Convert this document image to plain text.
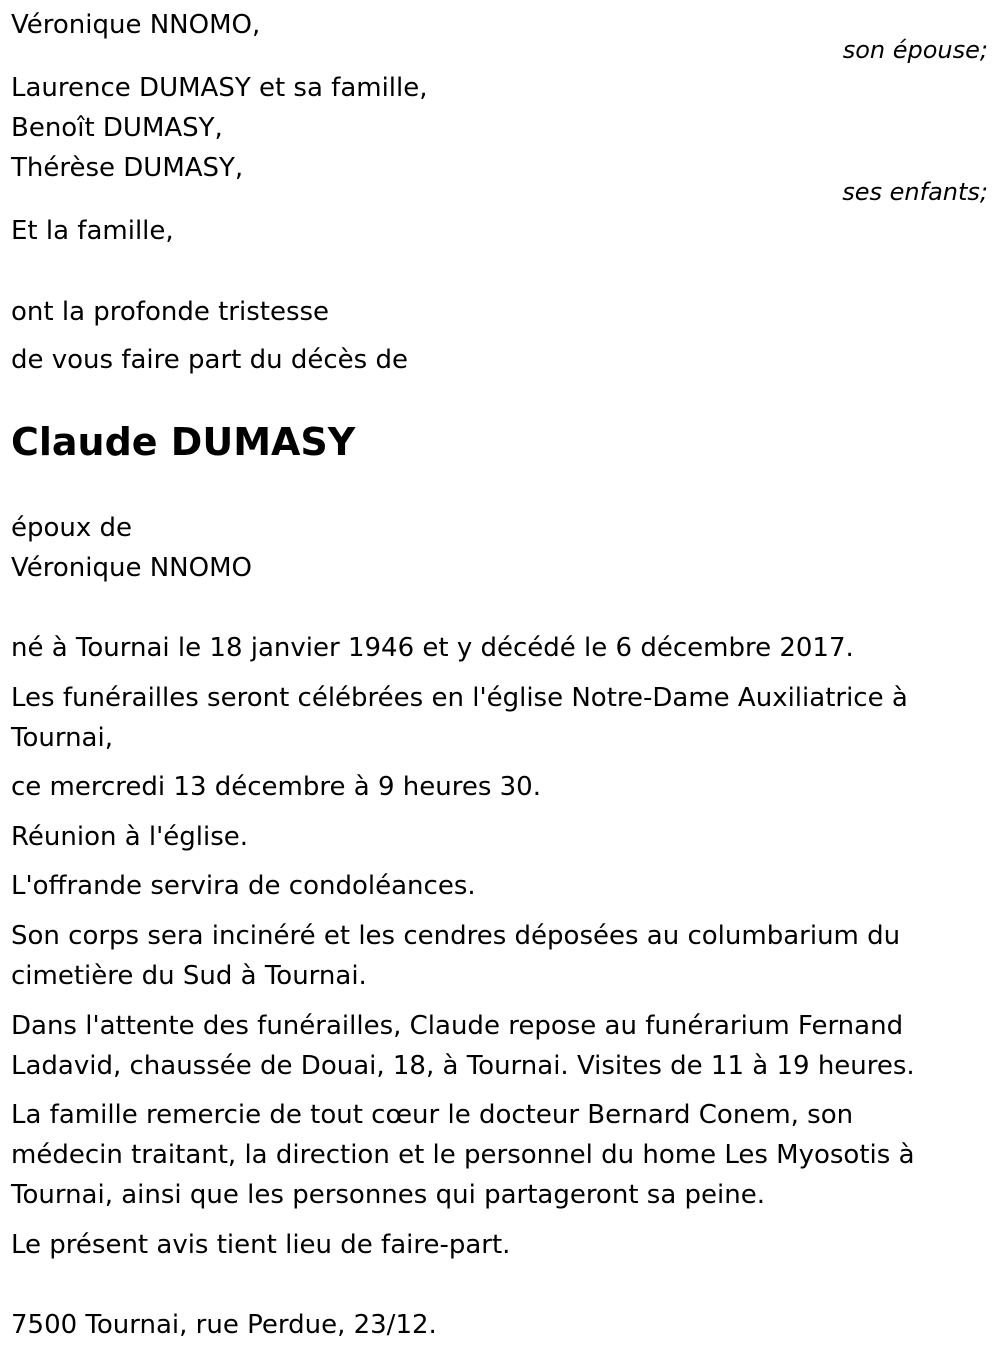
Véronique NNOMO,

son épouse;

Laurence DUMASY et sa famille,

Benoît DUMASY,

Thérèse DUMASY,

ses enfants;

Et la famille,

ont la profonde tristesse

de vous faire part du décès de

Claude DUMASY

époux de

Véronique NNOMO

né à Tournai le 18 janvier 1946 et y décédé le 6 décembre 2017.

Les funérailles seront célébrées en l'église Notre-Dame Auxiliatrice à

Tournai,

ce mercredi 13 décembre à 9 heures 30.

Réunion à l'église.

L'offrande servira de condoléances.

Son corps sera incinéré et les cendres déposées au columbarium du

cimetière du Sud à Tournai.

Dans l'attente des funérailles, Claude repose au funérarium Fernand

Ladavid, chaussée de Douai, 18, à Tournai. Visites de 11 à 19 heures.

La famille remercie de tout cœur le docteur Bernard Conem, son

médecin traitant, la direction et le personnel du home Les Myosotis à

Tournai, ainsi que les personnes qui partageront sa peine.

Le présent avis tient lieu de faire-part.

7500 Tournai, rue Perdue, 23/12.
